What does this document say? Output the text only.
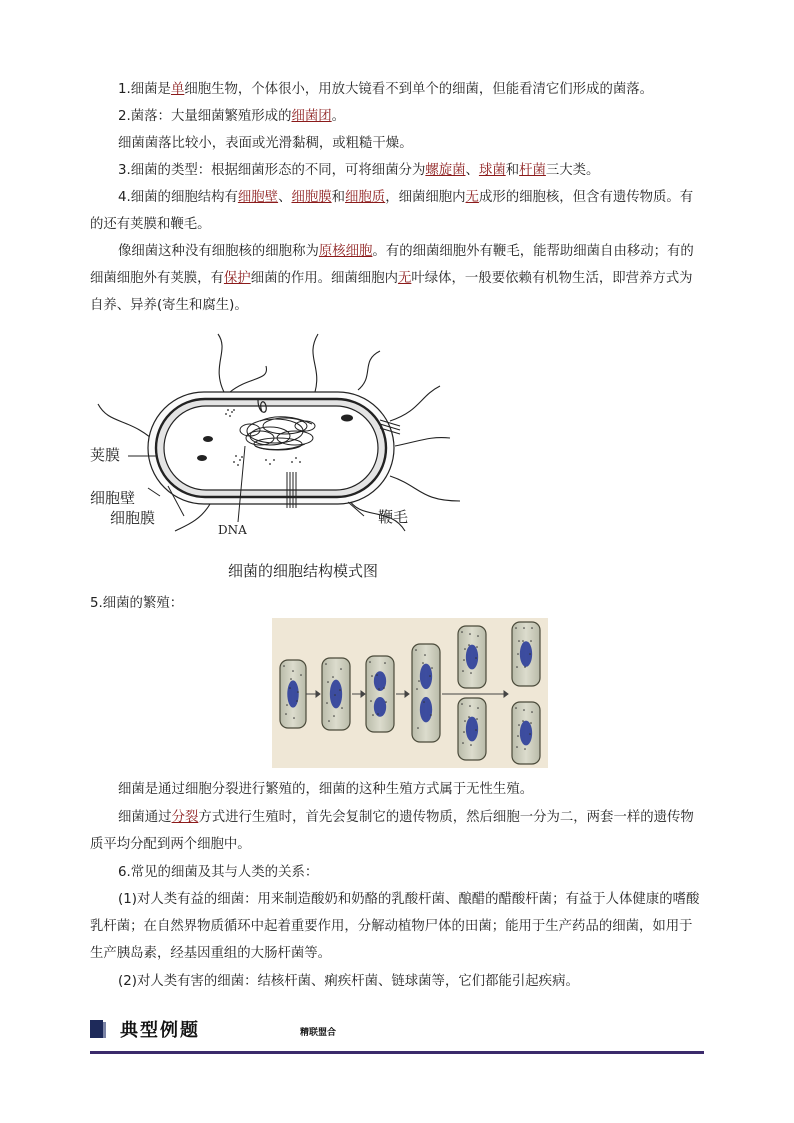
1.细菌是单细胞生物，个体很小，用放大镜看不到单个的细菌，但能看清它们形成的菌落。
2.菌落：大量细菌繁殖形成的细菌团。
细菌菌落比较小，表面或光滑黏稠，或粗糙干燥。
3.细菌的类型：根据细菌形态的不同，可将细菌分为螺旋菌、球菌和杆菌三大类。
4.细菌的细胞结构有细胞壁、细胞膜和细胞质，细菌细胞内无成形的细胞核，但含有遗传物质。有的还有荚膜和鞭毛。
像细菌这种没有细胞核的细胞称为原核细胞。有的细菌细胞外有鞭毛，能帮助细菌自由移动；有的细菌细胞外有荚膜，有保护细菌的作用。细菌细胞内无叶绿体，一般要依赖有机物生活，即营养方式为自养、异养(寄生和腐生)。
荚膜
细胞壁
细胞膜
DNA
鞭毛
细菌的细胞结构模式图
5.细菌的繁殖：
细菌是通过细胞分裂进行繁殖的，细菌的这种生殖方式属于无性生殖。
细菌通过分裂方式进行生殖时，首先会复制它的遗传物质，然后细胞一分为二，两套一样的遗传物质平均分配到两个细胞中。
6.常见的细菌及其与人类的关系：
(1)对人类有益的细菌：用来制造酸奶和奶酪的乳酸杆菌、酿醋的醋酸杆菌；有益于人体健康的嗜酸乳杆菌；在自然界物质循环中起着重要作用，分解动植物尸体的田菌；能用于生产药品的细菌，如用于生产胰岛素，经基因重组的大肠杆菌等。
(2)对人类有害的细菌：结核杆菌、痢疾杆菌、链球菌等，它们都能引起疾病。
典型例题	精联盟合
